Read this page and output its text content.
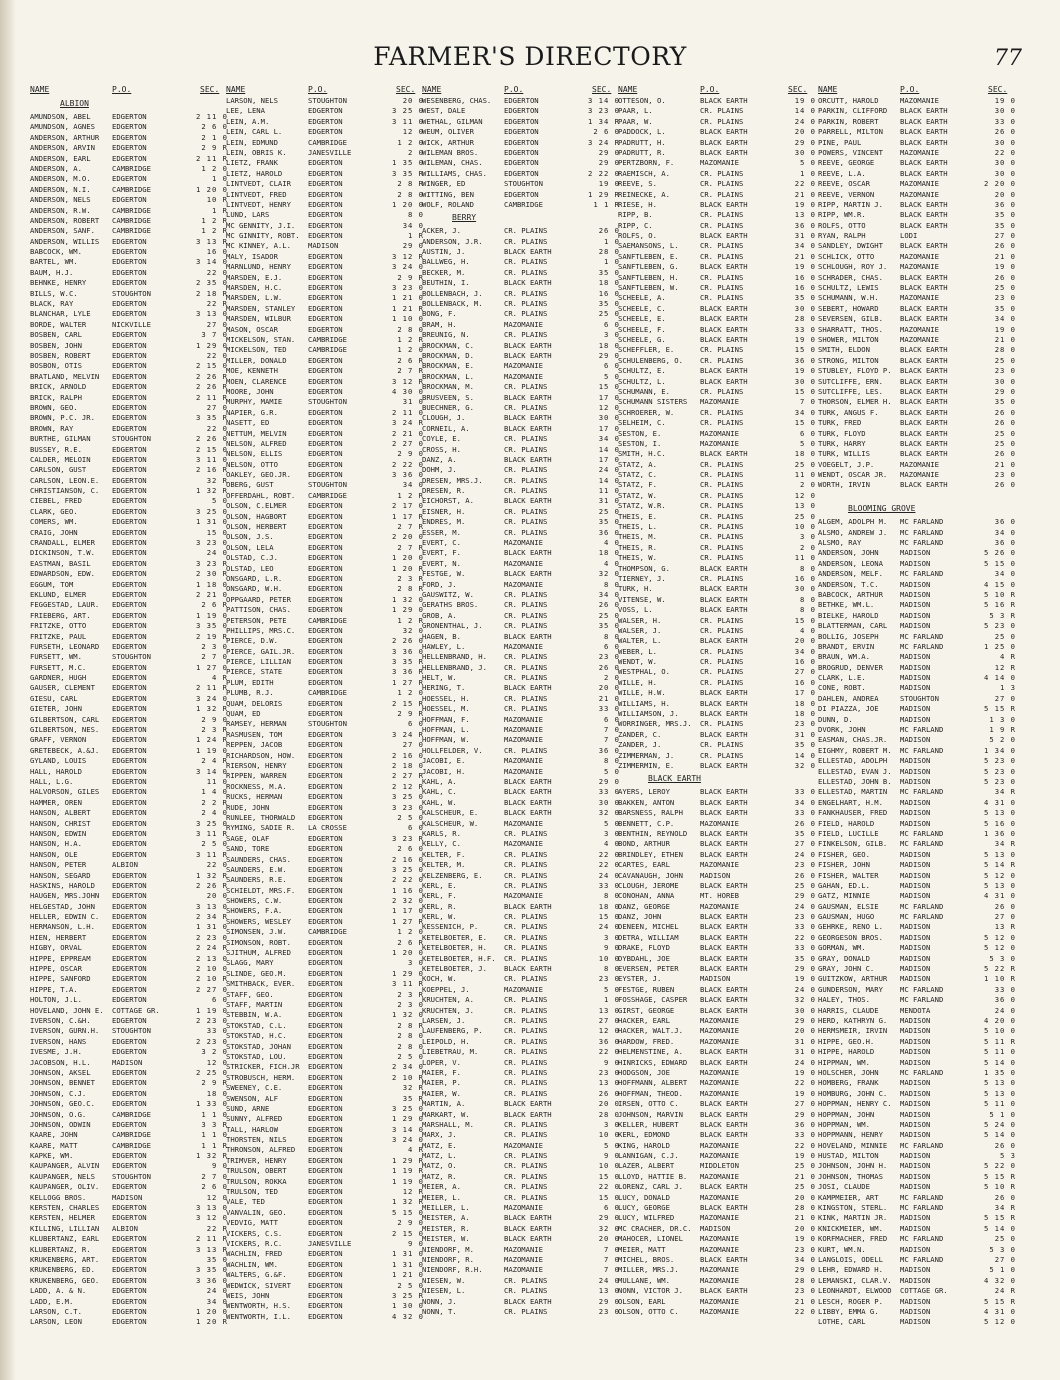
FARMER'S DIRECTORY	77
NAME	P.O.	SEC.
ALBION
AMUNDSON, ABEL	EDGERTON	2 11 0
AMUNDSON, AGNES EDGERTON	2 6 0
ANDERSON, ARTHUR EDGERTON	2 1 0
ANDERSON, ARVIN EDGERTON	2 9 R
ANDERSON, EARL	EDGERTON	2 11 R
ANDERSON, A.	CAMBRIDGE	1 2 0
ANDERSON, M.O.	EDGERTON	1 0
ANDERSON, N.I.	CAMBRIDGE	1 20 0
ANDERSON, NELS	EDGERTON	10 R
ANDERSON, R.W.	CAMBRIDGE	1 R
ANDERSON, ROBERT CAMBRIDGE	1 2 R
ANDERSON, SANF. CAMBRIDGE	1 2 R
ANDERSON, WILLIS EDGERTON	3 13 R
BABCOCK, WM.	EDGERTON	16 0
BARTEL, WM.	EDGERTON	3 14 0
BAUM, H.J.	EDGERTON	22 0
BEHNKE, HENRY	EDGERTON	2 35 0
BILLS, W.C.	STOUGHTON	2 18 R
BLACK, RAY	EDGERTON	22 R
BLANCHAR, LYLE	EDGERTON	3 13 0
BORDE, WALTER	NICKVILLE	27 0
BOSBEN, CARL	EDGERTON	3 7 0
BOSBEN, JOHN	EDGERTON	1 29 0
BOSBEN, ROBERT	EDGERTON	22 0
BOSBON, OTIS	EDGERTON	2 15 0
BRATLAND, MELVIN EDGERTON	2 26 R
BRICK, ARNOLD	EDGERTON	2 26 R
BRICK, RALPH	EDGERTON	2 11 R
BROWN, GEO.	EDGERTON	27 0
BROWN, P.C. JR. EDGERTON	3 35 R
BROWN, RAY	EDGERTON	22 0
BURTHE, GILMAN	STOUGHTON	2 26 0
BUSSEY, R.E.	EDGERTON	2 15 0
CALDER, MELOIN	EDGERTON	3 11 0
CARLSON, GUST	EDGERTON	2 16 R
CARLSON, LEON.E. EDGERTON	32 R
CHRISTIANSON, C. EDGERTON	1 32 R
CIEBEL, FRED	EDGERTON	5 0
CLARK, GEO.	EDGERTON	3 25 0
COMERS, WM.	EDGERTON	1 31 0
CRAIG, JOHN	EDGERTON	15 0
CRANDALL, ELMER EDGERTON	3 23 0
DICKINSON, T.W. EDGERTON	24 0
EASTMAN, BASIL	EDGERTON	3 23 R
EDWARDSON, EDW. EDGERTON	2 30 R
EGGUM, TOM	EDGERTON	1 18 0
EKLUND, ELMER	EDGERTON	2 21 0
FEGGESTAD, LAUR. EDGERTON	2 6 R
FRIEBERG, ART.	EDGERTON	1 19 0
FRITZKE, OTTO	EDGERTON	3 35 0
FRITZKE, PAUL	EDGERTON	2 19 R
FURSETH, LEONARD EDGERTON	2 3 0
FURSETT, WM.	STOUGHTON	2 7 0
FURSETT, M.C.	EDGERTON	1 27 0
GARDNER, HUGH	EDGERTON	4 R
GAUSER, CLEMENT EDGERTON	2 11 R
GIESU, CARL	EDGERTON	3 24 0
GIETER, JOHN	EDGERTON	1 32 R
GILBERTSON, CARL EDGERTON	2 9 0
GILBERTSON, NES. EDGERTON	2 3 R
GRAFF, VERNON	EDGERTON	1 24 R
GRETEBECK, A.&J. EDGERTON	1 19 0
GYLAND, LOUIS	EDGERTON	2 4 R
HALL, HAROLD	EDGERTON	3 14 0
HALL, L.G.	EDGERTON	11 0
HALVORSON, GILES EDGERTON	1 4 0
HAMMER, OREN	EDGERTON	2 2 R
HANSON, ALBERT	EDGERTON	2 4 0
HANSON, CHRIST	EDGERTON	3 25 0
HANSON, EDWIN	EDGERTON	3 11 R
HANSON, H.A.	EDGERTON	2 5 0
HANSON, OLE	EDGERTON	3 11 R
HANSON, PETER	ALBION	22 0
HANSON, SEGARD	EDGERTON	1 32 R
HASKINS, HAROLD EDGERTON	2 26 R
HAUGEN, MRS.JOHN EDGERTON	20 0
HELGESTAD, JOHN EDGERTON	3 13 0
HELLER, EDWIN C. EDGERTON	2 34 R
HERMANSON, L.H. EDGERTON	1 31 0
HIEN, HERBERT	EDGERTON	2 23 0
HIGBY, ORVAL	EDGERTON	2 24 R
HIPPE, EPPREAM	EDGERTON	2 13 0
HIPPE, OSCAR	EDGERTON	2 10 0
HIPPE, SANFORD	EDGERTON	2 10 R
HIPPE, T.A.	EDGERTON	2 27 0
HOLTON, J.L.	EDGERTON	6 0
HOVELAND, JOHN E. COTTAGE GR.	1 19 0
IVERSON, C.&H.	EDGERTON	2 23 0
IVERSON, GURN.H. STOUGHTON	33 0
IVERSON, HANS	EDGERTON	2 23 0
IVESME, J.H.	EDGERTON	3 2 0
JACOBSON, H.L.	MADISON	12 0
JOHNSON, AKSEL	EDGERTON	2 25 0
JOHNSON, BENNET EDGERTON	2 9 R
JOHNSON, C.J.	EDGERTON	18 0
JOHNSON, GEO.C. EDGERTON	1 33 0
JOHNSON, O.G.	CAMBRIDGE	1 1 0
JOHNSON, ODWIN	EDGERTON	3 3 R
KAARE, JOHN	CAMBRIDGE	1 1 0
KAARE, MATT	CAMBRIDGE	1 1 R
KAPKE, WM.	EDGERTON	1 32 R
KAUPANGER, ALVIN EDGERTON	9 0
KAUPANGER, NELS STOUGHTON	2 7 0
KAUPANGER, OLIV. EDGERTON	2 6 0
KELLOGG BROS.	MADISON	12 0
KERSTEN, CHARLES EDGERTON	3 13 0
KERSTEN, HELMER EDGERTON	3 12 0
KILLING, LILLIAN ALBION	22 R
KLUBERTANZ, EARL EDGERTON	2 11 R
KLUBERTANZ, R.	EDGERTON	3 13 R
KRUKENBERG, ART. EDGERTON	35 0
KRUKENBERG, ED. EDGERTON	3 35 0
KRUKENBERG, GEO. EDGERTON	3 36 0
LADD, A. & N.	EDGERTON	24 0
LADD, E.M.	EDGERTON	34 0
LARSON, C.T.	EDGERTON	1 20 0
LARSON, LEON	EDGERTON	1 20 R
NAME	P.O.	SEC.
LARSON, NELS	STOUGHTON	20 0
LEE, LENA	EDGERTON	3 25 0
LEIN, A.M.	EDGERTON	3 11 0
LEIN, CARL L.	EDGERTON	12 0
LEIN, EDMUND	CAMBRIDGE	1 2 0
LEIN, OBRIS K.	JANESVILLE	2 0
LIETZ, FRANK	EDGERTON	1 35 0
LIETZ, HAROLD	EDGERTON	3 35 R
LINTVEDT, CLAIR EDGERTON	2 8 R
LINTVEDT, FRED	EDGERTON	2 8 0
LINTVEDT, HENRY EDGERTON	1 20 0
LUND, LARS	EDGERTON	8 0
MC GENNITY, J.I. EDGERTON	34 0
MC GINNITY, ROBT. EDGERTON	1 R
MC KINNEY, A.L. MADISON	29 0
MALY, ISADOR	EDGERTON	3 12 R
MARNLUND, HENRY EDGERTON	3 24 0
MARSDEN, E.J.	EDGERTON	2 9 R
MARSDEN, H.C.	EDGERTON	3 23 0
MARSDEN, L.W.	EDGERTON	1 21 0
MARSDEN, STANLEY EDGERTON	1 21 R
MARSDEN, WILBUR EDGERTON	1 10 0
MASON, OSCAR	EDGERTON	2 8 0
MICKELSON, STAN. CAMBRIDGE	1 2 R
MICKELSON, TED	CAMBRIDGE	1 2 0
MILLER, DONALD	EDGERTON	2 6 R
MOE, KENNETH	EDGERTON	2 7 R
MOEN, CLARENCE	EDGERTON	3 12 R
MOORE, JOHN	EDGERTON	4 30 0
MURPHY, MAMIE	STOUGHTON	31 0
NAPIER, G.R.	EDGERTON	2 11 0
NASETT, ED	EDGERTON	3 24 R
NETTUM, MELVIN	EDGERTON	2 21 0
NELSON, ALFRED	EDGERTON	2 27 0
NELSON, ELLIS	EDGERTON	2 9 0
NELSON, OTTO	EDGERTON	2 22 0
OAKLEY, GEO.JR. EDGERTON	3 36 0
OBERG, GUST	STOUGHTON	34 0
OFFERDAHL, ROBT. CAMBRIDGE	1 2 R
OLSON, C.ELMER	EDGERTON	2 17 0
OLSON, HAGBORT	EDGERTON	1 17 R
OLSON, HERBERT	EDGERTON	2 7 R
OLSON, J.S.	EDGERTON	2 20 0
OLSON, LELA	EDGERTON	2 7 R
OLSTAD, C.J.	EDGERTON	1 20 0
OLSTAD, LEO	EDGERTON	1 20 R
ONSGARD, L.R.	EDGERTON	2 3 R
ONSGARD, W.H.	EDGERTON	2 8 R
OPPGAARD, PETER EDGERTON	1 32 0
PATTISON, CHAS. EDGERTON	1 29 0
PETERSON, PETE	CAMBRIDGE	1 2 R
PHILLIPS, MRS.C. EDGERTON	32 0
PIERCE, D.W.	EDGERTON	2 26 0
PIERCE, GAIL.JR. EDGERTON	3 36 0
PIERCE, LILLIAN EDGERTON	3 35 R
PIERCE, STATE	EDGERTON	3 36 R
PLUM, EDITH	EDGERTON	1 27 R
PLUMB, R.J.	CAMBRIDGE	1 2 0
QUAM, DELORIS	EDGERTON	2 15 R
QUAM, ED	EDGERTON	2 9 R
RAMSEY, HERMAN	STOUGHTON	6 0
RASMUSEN, TOM	EDGERTON	3 24 R
REPPEN, JACOB	EDGERTON	27 0
RICHARDSON, HOW. EDGERTON	2 16 0
RIERSON, HENRY	EDGERTON	2 18 0
RIPPEN, WARREN	EDGERTON	2 27 R
ROCKNESS, M.A.	EDGERTON	2 12 R
RUCKS, HERMAN	EDGERTON	3 25 0
RUDE, JOHN	EDGERTON	3 23 0
RUNLEE, THORWALD EDGERTON	2 5 0
RYMING, SADIE R. LA CROSSE	6 0
SAGE, OLAF	EDGERTON	3 23 R
SAND, TORE	EDGERTON	2 6 0
SAUNDERS, CHAS. EDGERTON	2 16 0
SAUNDERS, E.W.	EDGERTON	3 25 0
SAUNDERS, R.E.	EDGERTON	2 22 0
SCHIELDT, MRS.F. EDGERTON	1 16 0
SHOWERS, C.W.	EDGERTON	2 32 0
SHOWERS, F.A.	EDGERTON	1 17 0
SHOWERS, WESLEY EDGERTON	1 27 R
SIMONSEN, J.W.	CAMBRIDGE	1 2 0
SIMONSON, ROBT. EDGERTON	2 6 R
SJITHUM, ALFRED EDGERTON	1 20 0
SLAGG, MARY	EDGERTON	3 0
SLINDE, GEO.M.	EDGERTON	1 29 0
SMITHBACK, EVER. EDGERTON	3 11 R
STAFF, GEO.	EDGERTON	2 3 R
STAFF, MARTIN	EDGERTON	2 3 0
STEBBIN, W.A.	EDGERTON	1 32 0
STOKSTAD, C.L.	EDGERTON	2 8 R
STOKSTAD, H.C.	EDGERTON	2 8 0
STOKSTAD, JOHAN EDGERTON	2 8 0
STOKSTAD, LOU.	EDGERTON	2 5 0
STRICKER, FICH.JR EDGERTON	2 34 0
STROBUSCH, HERM. EDGERTON	2 10 R
SWEENEY, C.E.	EDGERTON	32 R
SWENSON, ALF	EDGERTON	35 R
SUND, ARNE	EDGERTON	3 25 0
SUNNY, ALFRED	EDGERTON	1 29 0
TALL, HARLOW	EDGERTON	3 14 0
THORSTEN, NILS	EDGERTON	3 24 0
THRONSON, ALFRED EDGERTON	4 R
TRIMVER, HENRY	EDGERTON	1 29 R
TRULSON, OBERT	EDGERTON	1 19 R
TRULSON, ROKKA	EDGERTON	1 19 0
TRULSON, TED	EDGERTON	12 R
VALE, TED	EDGERTON	1 32 R
VANVALIN, GEO.	EDGERTON	5 15 0
VEDVIG, MATT	EDGERTON	2 9 0
VICKERS, C.S.	EDGERTON	2 15 0
VICKERS, R.C.	JANESVILLE	9 0
WACHLIN, FRED	EDGERTON	1 31 0
WACHLIN, WM.	EDGERTON	1 31 0
WALTERS, G.&F.	EDGERTON	1 21 0
WEDWICK, SIVERT EDGERTON	2 5 0
WEIS, JOHN	EDGERTON	3 25 R
WENTWORTH, H.S. EDGERTON	1 30 0
WENTWORTH, I.L. EDGERTON	4 32 0
NAME	P.O.	SEC.
WESENBERG, CHAS. EDGERTON	3 14 0
WEST, DALE	EDGERTON	3 23 0
WETHAL, GILMAN	EDGERTON	1 34 R
WEUM, OLIVER	EDGERTON	2 6 0
WICK, ARTHUR	EDGERTON	3 24 R
WILEMAN BROS.	EDGERTON	29 0
WILEMAN, CHAS.	EDGERTON	29 0
WILLIAMS, CHAS. EDGERTON	2 22 0
WINGER, ED	STOUGHTON	19 0
WITTING, BEN	EDGERTON	1 29 R
WOLF, ROLAND	CAMBRIDGE	1 1 R
BERRY
ACKER, J.	CR. PLAINS	26 0
ANDERSON, J.R.	CR. PLAINS	1 0
AUSTIN, J.	BLACK EARTH	28 0
BALLWEG, H.	CR. PLAINS	1 0
BECKER, M.	CR. PLAINS	35 0
BEUTHIN, I.	BLACK EARTH	18 0
BOLLENBACH, J.	CR. PLAINS	16 0
BOLLENBACK, M.	CR. PLAINS	35 0
BONG, F.	CR. PLAINS	25 0
BRAM, H.	MAZOMANIE	6 0
BREUNIG, N.	CR. PLAINS	3 0
BROCKMAN, C.	BLACK EARTH	18 0
BROCKMAN, D.	BLACK EARTH	29 0
BROCKMAN, E.	MAZOMANIE	6 0
BROCKMAN, L.	MAZOMANIE	5 0
BROCKMAN, M.	CR. PLAINS	15 0
BRUSVEEN, S.	BLACK EARTH	17 0
BUECHNER, G.	CR. PLAINS	12 0
CLOUGH, J.	BLACK EARTH	30 0
CORNEIL, A.	BLACK EARTH	17 0
COYLE, E.	CR. PLAINS	34 0
CROSS, H.	CR. PLAINS	14 0
DANZ, A.	BLACK EARTH	17 0
DOHM, J.	CR. PLAINS	24 0
DRESEN, MRS.J.	CR. PLAINS	14 0
DRESEN, R.	CR. PLAINS	11 0
EICHORST, A.	BLACK EARTH	31 0
EISNER, H.	CR. PLAINS	25 0
ENDRES, M.	CR. PLAINS	35 0
ESSER, M.	CR. PLAINS	36 0
EVERT, C.	MAZOMANIE	4 0
EVERT, F.	BLACK EARTH	18 0
EVERT, N.	MAZOMANIE	4 0
FESTGE, W.	BLACK EARTH	32 0
FORD, J.	MAZOMANIE	8 0
GAUSWITZ, W.	CR. PLAINS	34 0
GERATHS BROS.	CR. PLAINS	26 0
GROB, A.	CR. PLAINS	25 0
GRONENTHAL, J.	CR. PLAINS	35 0
HAGEN, B.	BLACK EARTH	8 0
HAWLEY, L.	MAZOMANIE	6 0
HELLENBRAND, H. CR. PLAINS	23 0
HELLENBRAND, J. CR. PLAINS	26 0
HELT, W.	CR. PLAINS	2 0
HERING, T.	BLACK EARTH	20 0
HOESSEL, H.	CR. PLAINS	21 0
HOESSEL, M.	CR. PLAINS	33 0
HOFFMAN, F.	MAZOMANIE	6 0
HOFFMAN, L.	MAZOMANIE	7 0
HOFFMAN, W.	MAZOMANIE	7 0
HOLLFELDER, V.	CR. PLAINS	36 0
JACOBI, E.	MAZOMANIE	8 0
JACOBI, H.	MAZOMANIE	5 0
KAHL, A.	BLACK EARTH	29 0
KAHL, C.	BLACK EARTH	33 0
KAHL, W.	BLACK EARTH	30 0
KALSCHEUR, E.	BLACK EARTH	32 0
KALSCHEUR, W.	MAZOMANIE	5 0
KARLS, R.	CR. PLAINS	3 0
KELLY, C.	MAZOMANIE	4 0
KELTER, F.	CR. PLAINS	22 0
KELTER, M.	CR. PLAINS	22 0
KELZENBERG, E.	CR. PLAINS	24 0
KERL, E.	CR. PLAINS	33 0
KERL, F.	MAZOMANIE	8 0
KERL, R.	BLACK EARTH	18 0
KERL, W.	CR. PLAINS	15 0
KESSENICH, P.	CR. PLAINS	24 0
KETELBOETER, E. CR. PLAINS	3 0
KETELBOETER, H. CR. PLAINS	9 0
KETELBOETER, H.F. CR. PLAINS	10 0
KETELBOETER, J. BLACK EARTH	8 0
KOCH, W.	CR. PLAINS	23 0
KOEPPEL, J.	MAZOMANIE	5 0
KRUCHTEN, A.	CR. PLAINS	1 0
KRUCHTEN, J.	CR. PLAINS	13 0
LARSEN, J.	CR. PLAINS	27 0
LAUFENBERG, P.	CR. PLAINS	12 0
LEIPOLD, H.	CR. PLAINS	36 0
LIEBETRAU, M.	CR. PLAINS	22 0
LOPER, V.	CR. PLAINS	9 0
MAIER, F.	CR. PLAINS	23 0
MAIER, P.	CR. PLAINS	13 0
MAIER, W.	CR. PLAINS	26 0
MARTIN, A.	BLACK EARTH	20 0
MARKART, W.	BLACK EARTH	28 0
MARSHALL, M.	CR. PLAINS	3 0
MARX, J.	CR. PLAINS	10 0
MATZ, E.	MAZOMANIE	5 0
MATZ, L.	CR. PLAINS	9 0
MATZ, O.	CR. PLAINS	10 0
MATZ, R.	CR. PLAINS	15 0
MEIER, A.	CR. PLAINS	22 0
MEIER, L.	CR. PLAINS	15 0
MEILLER, L.	MAZOMANIE	6 0
MEISTER, A.	BLACK EARTH	29 0
MEISTER, R.	BLACK EARTH	32 0
MEISTER, W.	BLACK EARTH	20 0
NIENDORF, M.	MAZOMANIE	7 0
NIENDORF, R.	MAZOMANIE	7 0
NIENDORF, R.H.	MAZOMANIE	7 0
NIESEN, W.	CR. PLAINS	24 0
NIESEN, L.	CR. PLAINS	13 0
NONN, J.	BLACK EARTH	29 0
NONN, T.	CR. PLAINS	23 0
NAME	P.O.	SEC.
OTTESON, O.	BLACK EARTH	19 0
PAAR, L.	CR. PLAINS	14 0
PAAR, W.	CR. PLAINS	24 0
PADDOCK, L.	BLACK EARTH	20 0
PADRUTT, H.	BLACK EARTH	29 0
PADRUTT, R.	BLACK EARTH	30 0
PERTZBORN, F.	MAZOMANIE	5 0
RAEMISCH, A.	CR. PLAINS	1 0
REEVE, S.	CR. PLAINS	22 0
REINECKE, A.	CR. PLAINS	21 0
RIESE, H.	BLACK EARTH	19 0
RIPP, B.	CR. PLAINS	13 0
RIPP, C.	CR. PLAINS	36 0
ROLFS, O.	BLACK EARTH	31 0
SAEMANSONS, L.	CR. PLAINS	34 0
SANFTLEBEN, E.	CR. PLAINS	21 0
SANFTLEBEN, G.	BLACK EARTH	19 0
SANFTLEBEN, H.	CR. PLAINS	16 0
SANFTLEBEN, W.	CR. PLAINS	16 0
SCHEELE, A.	CR. PLAINS	35 0
SCHEELE, C.	BLACK EARTH	30 0
SCHEELE, E.	BLACK EARTH	28 0
SCHEELE, F.	BLACK EARTH	33 0
SCHEELE, G.	BLACK EARTH	19 0
SCHEFFLER, E.	CR. PLAINS	15 0
SCHULENBERG, O. CR. PLAINS	36 0
SCHULTZ, E.	BLACK EARTH	19 0
SCHULTZ, L.	BLACK EARTH	30 0
SCHUMANN, E.	CR. PLAINS	15 0
SCHUMANN SISTERS MAZOMANIE	7 0
SCHROERER, W.	CR. PLAINS	34 0
SELHEIM, C.	CR. PLAINS	15 0
SESTON, E.	MAZOMANIE	6 0
SESTON, I.	MAZOMANIE	5 0
SMITH, H.C.	BLACK EARTH	18 0
STATZ, A.	CR. PLAINS	25 0
STATZ, C.	CR. PLAINS	11 0
STATZ, F.	CR. PLAINS	2 0
STATZ, W.	CR. PLAINS	12 0
STATZ, W.R.	CR. PLAINS	13 0
THEIS, E.	CR. PLAINS	25 0
THEIS, L.	CR. PLAINS	10 0
THEIS, M.	CR. PLAINS	3 0
THEIS, R.	CR. PLAINS	2 0
THEIS, W.	CR. PLAINS	11 0
THOMPSON, G.	BLACK EARTH	8 0
TIERNEY, J.	CR. PLAINS	16 0
TURK, H.	BLACK EARTH	30 0
VITENSE, W.	BLACK EARTH	8 0
VOSS, L.	BLACK EARTH	8 0
WALSER, H.	CR. PLAINS	15 0
WALSER, J.	CR. PLAINS	4 0
WALTER, L.	BLACK EARTH	20 0
WEBER, L.	CR. PLAINS	34 0
WENDT, W.	CR. PLAINS	16 0
WESTPHAL, O.	CR. PLAINS	27 0
WILLE, H.	CR. PLAINS	16 0
WILLE, H.W.	BLACK EARTH	17 0
WILLIAMS, H.	BLACK EARTH	18 0
WILLIAMSON, J.	BLACK EARTH	18 0
WORRINGER, MRS.J. CR. PLAINS	23 0
ZANDER, C.	BLACK EARTH	31 0
ZANDER, J.	CR. PLAINS	35 0
ZIMMERMAN, J.	CR. PLAINS	14 0
ZIMMERMIN, E.	BLACK EARTH	32 0
BLACK EARTH
AYERS, LEROY	BLACK EARTH	33 0
BAKKEN, ANTON	BLACK EARTH	34 0
BARSNESS, RALPH BLACK EARTH	33 0
BENNETT, C.P.	MAZOMANIE	26 0
BENTHIN, REYNOLD BLACK EARTH	35 0
BOND, ARTHUR	BLACK EARTH	27 0
BRINDLEY, ETHEN BLACK EARTH	24 0
CARTES, EARL	MAZOMANIE	23 0
CAVANAUGH, JOHN MADISON	26 0
CLOUGH, JEROME	BLACK EARTH	25 0
CONOHAN, ANNA	MT. HOREB	29 0
DANZ, GEORGE	MAZOMANIE	24 0
DANZ, JOHN	BLACK EARTH	23 0
DENEEN, MICHEL	BLACK EARTH	33 0
DETRA, WILLIAM	BLACK EARTH	22 0
DRAKE, FLOYD	BLACK EARTH	33 0
DYBDAHL, JOE	BLACK EARTH	35 0
EVERSEN, PETER	BLACK EARTH	29 0
EYSTER, J.	MADISON	19 0
FESTGE, RUBEN	BLACK EARTH	24 0
FOSSHAGE, CASPER BLACK EARTH	32 0
GIRST, GEORGE	BLACK EARTH	30 0
HACKER, EARL	MAZOMANIE	29 0
HACKER, WALT.J. MAZOMANIE	20 0
HARDOW, FRED.	MAZOMANIE	31 0
HELMENSTINE, A. BLACK EARTH	31 0
HINRICKS, EDWARD BLACK EARTH	24 0
HODGSON, JOE	MAZOMANIE	19 0
HOFFMANN, ALBERT MAZOMANIE	22 0
HOFFMAN, THEOD. MAZOMANIE	19 0
IRSEN, OTTO C.	BLACK EARTH	27 0
JOHNSON, MARVIN BLACK EARTH	29 0
KELLER, HUBERT	BLACK EARTH	36 0
KERL, EDMOND	BLACK EARTH	33 0
KING, HAROLD	MAZOMANIE	22 0
LANNIGAN, C.J.	MAZOMANIE	19 0
LAZER, ALBERT	MIDDLETON	25 0
LLOYD, HATTIE B. MAZOMANIE	21 0
LORENZ, CARL J. BLACK EARTH	25 0
LUCY, DONALD	MAZOMANIE	20 0
LUCY, GEORGE	BLACK EARTH	28 0
LUCY, WILFRED	MAZOMANIE	21 0
MC CRACHER, DR.C. MADISON	20 0
MAHOCER, LIONEL MAZOMANIE	19 0
MEIER, MATT	MAZOMANIE	23 0
MICHEL, BROS.	BLACK EARTH	34 0
MILLER, MRS.J.	MAZOMANIE	29 0
MULLANE, WM.	MAZOMANIE	28 0
NONN, VICTOR J. BLACK EARTH	23 0
OLSON, EARL	MAZOMANIE	21 0
OLSON, OTTO C.	MAZOMANIE	22 0
NAME	P.O.	SEC.
ORCUTT, HAROLD	MAZOMANIE	19 0
PARKIN, CLIFFORD BLACK EARTH	30 0
PARKIN, ROBERT	BLACK EARTH	33 0
PARRELL, MILTON BLACK EARTH	26 0
PINE, PAUL	BLACK EARTH	30 0
POWERS, VINCENT MAZOMANIE	22 0
REEVE, GEORGE	BLACK EARTH	30 0
REEVE, L.A.	BLACK EARTH	30 0
REEVE, OSCAR	MAZOMANIE	2 20 0
REEVE, VERNON	MAZOMANIE	20 0
RIPP, MARTIN J. BLACK EARTH	36 0
RIPP, WM.R.	BLACK EARTH	35 0
ROLFS, OTTO	BLACK EARTH	35 0
RYAN, RALPH	LODI	27 0
SANDLEY, DWIGHT BLACK EARTH	26 0
SCHLICK, OTTO	MAZOMANIE	21 0
SCHLOUGH, ROY J. MAZOMANIE	19 0
SCHRADER, CHAS. BLACK EARTH	26 0
SCHULTZ, LEWIS	BLACK EARTH	25 0
SCHUMANN, W.H.	MAZOMANIE	23 0
SEBERT, HOWARD	BLACK EARTH	35 0
SEVERSEN, GILB. BLACK EARTH	34 0
SHARRATT, THOS. MAZOMANIE	19 0
SHOWER, MILTON	MAZOMANIE	21 0
SMITH, ELDON	BLACK EARTH	28 0
STRONG, MILTON	BLACK EARTH	25 0
STUBLEY, FLOYD P. BLACK EARTH	23 0
SUTCLIFFE, ERN. BLACK EARTH	30 0
SUTCLIFFE, LES. BLACK EARTH	29 0
THORSON, ELMER H. BLACK EARTH	35 0
TURK, ANGUS F.	BLACK EARTH	26 0
TURK, FRED	BLACK EARTH	26 0
TURK, FLOYD	BLACK EARTH	25 0
TURK, HARRY	BLACK EARTH	25 0
TURK, WILLIS	BLACK EARTH	26 0
VOEGELT, J.P.	MAZOMANIE	21 0
WENDT, OSCAR JR. MAZOMANIE	23 0
WORTH, IRVIN	BLACK EARTH	26 0
BLOOMING GROVE
ALGEM, ADOLPH M. MC FARLAND	36 0
ALSMO, ANDREW J. MC FARLAND	34 0
ALSMO, RAY	MC FARLAND	36 0
ANDERSON, JOHN	MADISON	5 26 0
ANDERSON, LEONA MADISON	5 15 0
ANDERSON, MELF. MC FARLAND	34 0
ANDERSON, T.C.	MADISON	4 15 0
BABCOCK, ARTHUR MADISON	5 10 R
BETHKE, WM.L.	MADISON	5 16 R
BIELKE, HAROLD	MADISON	5 3 R
BLATTERMAN, CARL MADISON	5 23 0
BOLLIG, JOSEPH	MC FARLAND	25 0
BRANDT, ERVIN	MC FARLAND	1 25 0
BRAUN, WM.A.	MADISON	4 R
BROGRUD, DENVER MADISON	12 R
CLARK, L.E.	MADISON	4 14 0
CONE, ROBT.	MADISON	1 3
DAHLEN, ANDREA	STOUGHTON	27 0
DI PIAZZA, JOE	MADISON	5 15 R
DUNN, D.	MADISON	1 3 0
DVORK, JOHN	MC FARLAND	1 9 R
EASMAN, CHAS.JR. MADISON	5 2 0
EIGHMY, ROBERT M. MC FARLAND	1 34 0
ELLESTAD, ADOLPH MADISON	5 23 0
ELLESTAD, EVAN J. MADISON	5 23 0
ELLESTAD, JOHN B. MADISON	5 23 0
ELLESTAD, MARTIN MC FARLAND	34 R
ENGELHART, H.M. MADISON	4 31 0
FANKHAUSER, FRED MADISON	5 13 0
FIELD, HAROLD	MADISON	5 16 0
FIELD, LUCILLE	MC FARLAND	1 36 0
FINKELSON, GILB. MC FARLAND	34 R
FISHER, GEO.	MADISON	5 13 0
FISHER, JOHN	MADISON	5 14 R
FISHER, WALTER	MADISON	5 12 0
GAHAN, ED.L.	MADISON	5 13 0
GATZ, MINNIE	MADISON	4 31 0
GAUSMAN, ELSIE	MC FARLAND	26 0
GAUSMAN, HUGO	MC FARLAND	27 0
GEHRKE, RENO L. MADISON	13 R
GEORGESON BROS. MADISON	5 12 0
GORMAN, WM.	MADISON	5 12 0
GRAY, DONALD	MADISON	5 3 0
GRAY, JOHN C.	MADISON	5 22 R
GUITZKOW, ARTHUR MADISON	1 10 R
GUNDERSON, MARY MC FARLAND	33 0
HALEY, THOS.	MC FARLAND	36 0
HARRIS, CLAUDE	MENDOTA	24 0
HERD, KATHRYN G. MADISON	4 20 0
HERMSMEIR, IRVIN MADISON	5 10 0
HIPPE, GEO.H.	MADISON	5 11 R
HIPPE, HAROLD	MADISON	5 11 0
HIPPMAN, WM.	MADISON	5 14 0
HOLSCHER, JOHN	MC FARLAND	1 35 0
HOMBERG, FRANK	MADISON	5 13 0
HOMBURG, JOHN C. MADISON	5 13 0
HOPPMAN, HENRY C. MADISON	5 11 0
HOPPMAN, JOHN	MADISON	5 1 0
HOPPMAN, WM.	MADISON	5 24 0
HOPPMANN, HENRY MADISON	5 14 0
HOVELAND, MINNIE MC FARLAND	26 0
HUSTAD, MILTON	MADISON	5 3
JOHNSON, JOHN H. MADISON	5 22 0
JOHNSON, THOMAS MADISON	5 15 R
JOSI, CLAUDE	MADISON	5 10 R
KAMPMEIER, ART	MC FARLAND	26 0
KINGSTON, STERL. MC FARLAND	34 R
KINK, MARTIN JR. MADISON	5 15 R
KNICKMEIER, WM. MADISON	5 14 0
KORFMACHER, FRED MC FARLAND	25 0
KURT, WM.N.	MADISON	5 3 0
LANGLOIS, ODELL MC FARLAND	27 0
LEHR, EDWARD H. MADISON	5 1 0
LEMANSKI, CLAR.V. MADISON	4 32 0
LEONHARDT, ELWOOD COTTAGE GR.	24 R
LESCH, ROGER P. MADISON	5 15 R
LIBBY, EMMA G.	MADISON	4 31 0
LOTHE, CARL	MADISON	5 12 0
